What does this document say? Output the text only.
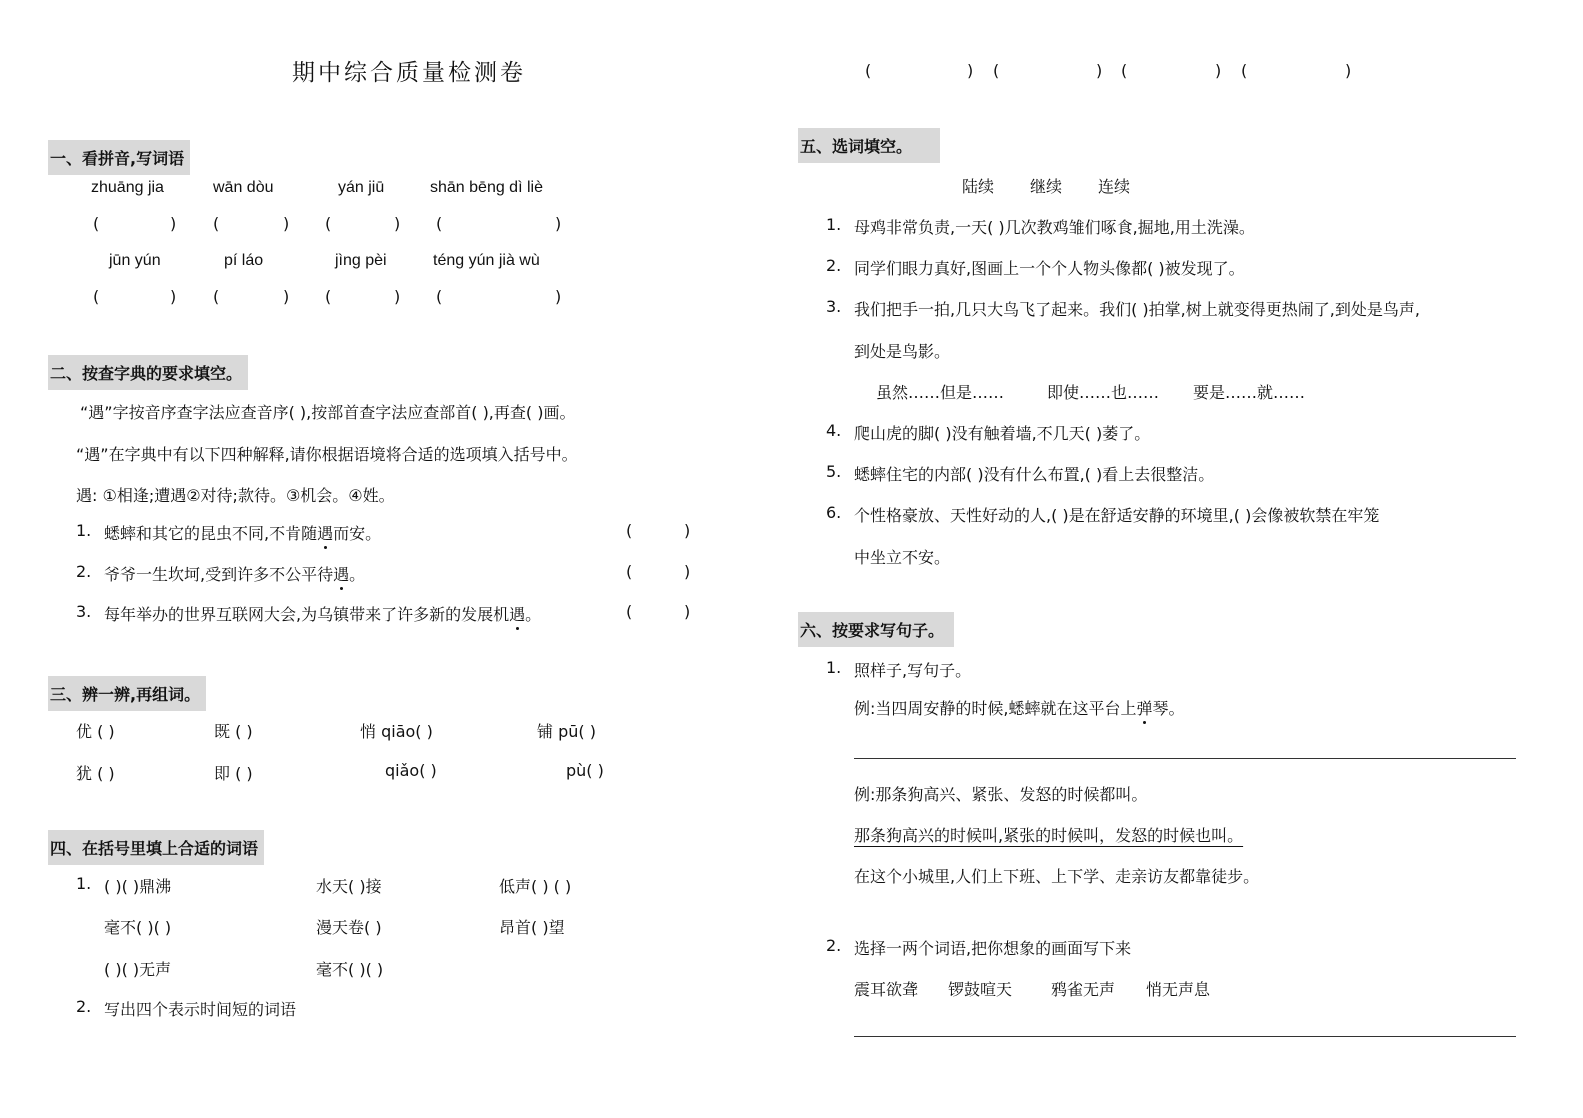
期中综合质量检测卷
一、看拼音,写词语
zhuāng jia	wān dòu	yán jiū	shān bēng dì liè
(	) (	) (	) (	)
jūn yún	pí láo	jìng pèi	téng yún jià wù
(	) (	) (	) (	)
二、按查字典的要求填空。
“遇”字按音序查字法应查音序( ),按部首查字法应查部首( ),再查( )画。
“遇”在字典中有以下四种解释,请你根据语境将合适的选项填入括号中。
遇: ①相逢;遭遇②对待;款待。③机会。④姓。
1. 蟋蟀和其它的昆虫不同,不肯随遇而安。	(	)
2. 爷爷一生坎坷,受到许多不公平待遇。	(	)
3. 每年举办的世界互联网大会,为乌镇带来了许多新的发展机遇。	(	)
三、辨一辨,再组词。
优 ( )	既 ( )	悄 qiāo( )	铺 pū( )
犹 ( )	即 ( )	qiǎo( )	pù( )
四、在括号里填上合适的词语
1. ( )( )鼎沸	水天( )接	低声( ) ( )
毫不( )( )	漫天卷( )	昂首( )望
( )( )无声	毫不( )( )
2. 写出四个表示时间短的词语
(	) (	) (	) (	)
五、选词填空。
陆续 继续 连续
1. 母鸡非常负责,一天( )几次教鸡雏们啄食,掘地,用土洗澡。
2. 同学们眼力真好,图画上一个个人物头像都( )被发现了。
3. 我们把手一拍,几只大鸟飞了起来。我们( )拍掌,树上就变得更热闹了,到处是鸟声,
到处是鸟影。
虽然……但是……	即使……也…… 要是……就……
4. 爬山虎的脚( )没有触着墙,不几天( )萎了。
5. 蟋蟀住宅的内部( )没有什么布置,( )看上去很整洁。
6. 个性格豪放、天性好动的人,( )是在舒适安静的环境里,( )会像被软禁在牢笼
中坐立不安。
六、按要求写句子。
1. 照样子,写句子。
例:当四周安静的时候,蟋蟀就在这平台上弹琴。
例:那条狗高兴、紧张、发怒的时候都叫。
那条狗高兴的时候叫,紧张的时候叫，发怒的时候也叫。
在这个小城里,人们上下班、上下学、走亲访友都靠徒步。
2. 选择一两个词语,把你想象的画面写下来
震耳欲聋 锣鼓喧天 鸦雀无声 悄无声息
